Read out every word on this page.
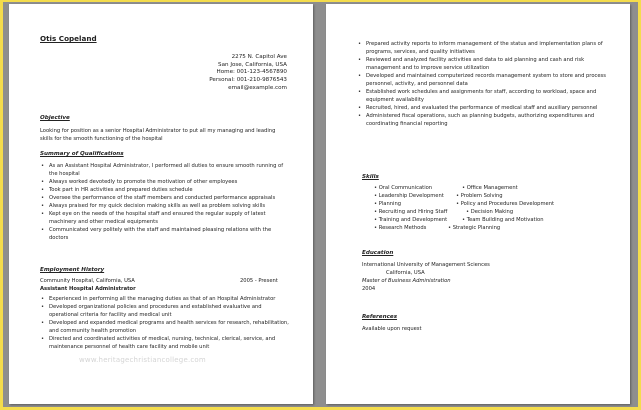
Otis Copeland
2275 N. Capitol Ave
San Jose, California, USA
Home: 001-123-4567890
Personal: 001-210-9876543
email@example.com
Objective
Looking for position as a senior Hospital Administrator to put all my managing and leading skills for the smooth functioning of the hospital
Summary of Qualifications
• As an Assistant Hospital Administrator, I performed all duties to ensure smooth running of the hospital
• Always worked devotedly to promote the motivation of other employees
• Took part in HR activities and prepared duties schedule
• Oversee the performance of the staff members and conducted performance appraisals
• Always praised for my quick decision making skills as well as problem solving skills
• Kept eye on the needs of the hospital staff and ensured the regular supply of latest machinery and other medical equipments
• Communicated very politely with the staff and maintained pleasing relations with the doctors
Employment History
Community Hospital, California, USA	2005 - Present
Assistant Hospital Administrator
• Experienced in performing all the managing duties as that of an Hospital Administrator
• Developed organizational policies and procedures and established evaluative and operational criteria for facility and medical unit
• Developed and expanded medical programs and health services for research, rehabilitation, and community health promotion
• Directed and coordinated activities of medical, nursing, technical, clerical, service, and maintenance personnel of health care facility and mobile unit
www.heritagechristiancollege.com
• Prepared activity reports to inform management of the status and implementation plans of programs, services, and quality initiatives
• Reviewed and analyzed facility activities and data to aid planning and cash and risk management and to improve service utilization
• Developed and maintained computerized records management system to store and process personnel, activity, and personnel data
• Established work schedules and assignments for staff, according to workload, space and equipment availability
• Recruited, hired, and evaluated the performance of medical staff and auxiliary personnel
• Administered fiscal operations, such as planning budgets, authorizing expenditures and coordinating financial reporting
Skills
• Oral Communication	• Office Management
• Leadership Development • Problem Solving
• Planning	• Policy and Procedures Development
• Recruiting and Hiring Staff	• Decision Making
• Training and Development	• Team Building and Motivation
• Research Methods	• Strategic Planning
Education
International University of Management Sciences
California, USA
Master of Business Administration
2004
References
Available upon request
